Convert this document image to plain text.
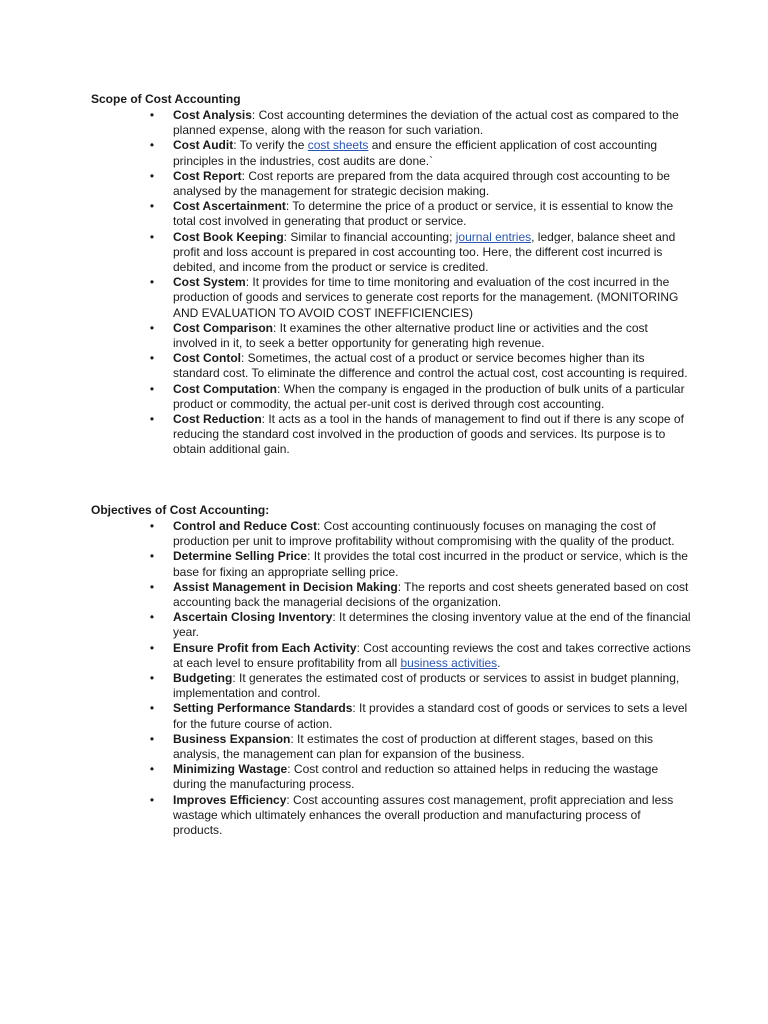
Scope of Cost Accounting

• Cost Analysis: Cost accounting determines the deviation of the actual cost as compared to the planned expense, along with the reason for such variation.
• Cost Audit: To verify the cost sheets and ensure the efficient application of cost accounting principles in the industries, cost audits are done.`
• Cost Report: Cost reports are prepared from the data acquired through cost accounting to be analysed by the management for strategic decision making.
• Cost Ascertainment: To determine the price of a product or service, it is essential to know the total cost involved in generating that product or service.
• Cost Book Keeping: Similar to financial accounting; journal entries, ledger, balance sheet and profit and loss account is prepared in cost accounting too. Here, the different cost incurred is debited, and income from the product or service is credited.
• Cost System: It provides for time to time monitoring and evaluation of the cost incurred in the production of goods and services to generate cost reports for the management. (MONITORING AND EVALUATION TO AVOID COST INEFFICIENCIES)
• Cost Comparison: It examines the other alternative product line or activities and the cost involved in it, to seek a better opportunity for generating high revenue.
• Cost Contol: Sometimes, the actual cost of a product or service becomes higher than its standard cost. To eliminate the difference and control the actual cost, cost accounting is required.
• Cost Computation: When the company is engaged in the production of bulk units of a particular product or commodity, the actual per-unit cost is derived through cost accounting.
• Cost Reduction: It acts as a tool in the hands of management to find out if there is any scope of reducing the standard cost involved in the production of goods and services. Its purpose is to obtain additional gain.

Objectives of Cost Accounting:

• Control and Reduce Cost: Cost accounting continuously focuses on managing the cost of production per unit to improve profitability without compromising with the quality of the product.
• Determine Selling Price: It provides the total cost incurred in the product or service, which is the base for fixing an appropriate selling price.
• Assist Management in Decision Making: The reports and cost sheets generated based on cost accounting back the managerial decisions of the organization.
• Ascertain Closing Inventory: It determines the closing inventory value at the end of the financial year.
• Ensure Profit from Each Activity: Cost accounting reviews the cost and takes corrective actions at each level to ensure profitability from all business activities.
• Budgeting: It generates the estimated cost of products or services to assist in budget planning, implementation and control.
• Setting Performance Standards: It provides a standard cost of goods or services to sets a level for the future course of action.
• Business Expansion: It estimates the cost of production at different stages, based on this analysis, the management can plan for expansion of the business.
• Minimizing Wastage: Cost control and reduction so attained helps in reducing the wastage during the manufacturing process.
• Improves Efficiency: Cost accounting assures cost management, profit appreciation and less wastage which ultimately enhances the overall production and manufacturing process of products.
